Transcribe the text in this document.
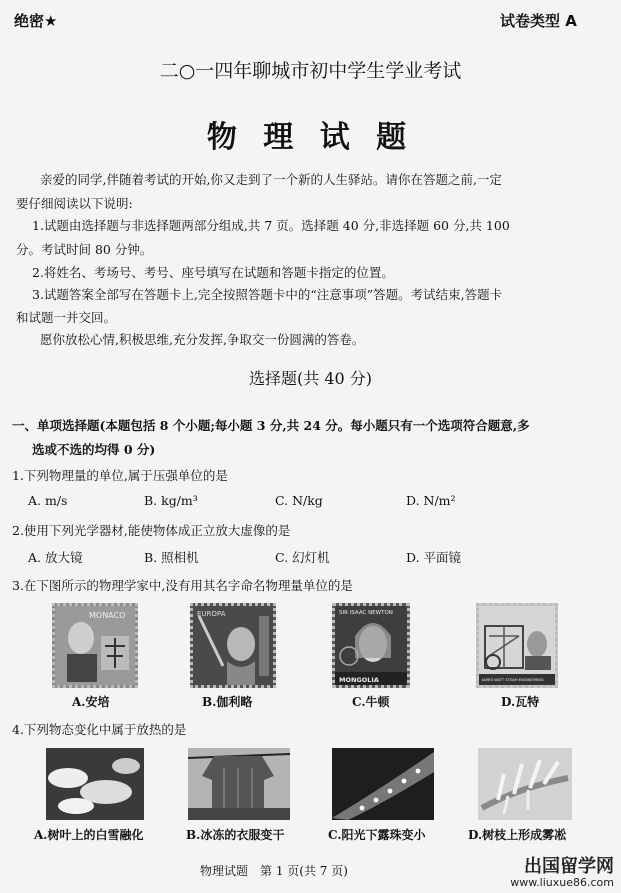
绝密★	试卷类型 A
二○一四年聊城市初中学生学业考试
物 理 试 题
亲爱的同学,伴随着考试的开始,你又走到了一个新的人生驿站。请你在答题之前,一定
要仔细阅读以下说明:
1.试题由选择题与非选择题两部分组成,共 7 页。选择题 40 分,非选择题 60 分,共 100
分。考试时间 80 分钟。
2.将姓名、考场号、考号、座号填写在试题和答题卡指定的位置。
3.试题答案全部写在答题卡上,完全按照答题卡中的“注意事项”答题。考试结束,答题卡
和试题一并交回。
愿你放松心情,积极思维,充分发挥,争取交一份圆满的答卷。
选择题(共 40 分)
一、单项选择题(本题包括 8 个小题;每小题 3 分,共 24 分。每小题只有一个选项符合题意,多
选或不选的均得 0 分)
1.下列物理量的单位,属于压强单位的是
A. m/s	B. kg/m³	C. N/kg	D. N/m²
2.使用下列光学器材,能使物体成正立放大虚像的是
A. 放大镜	B. 照相机	C. 幻灯机	D. 平面镜
3.在下图所示的物理学家中,没有用其名字命名物理量单位的是
MONACO	EUROPA	SIR ISAAC NEWTON
MONGOLIA	JAMES WATT STEAM ENGINEERING
A.安培	B.伽利略	C.牛顿	D.瓦特
4.下列物态变化中属于放热的是
A.树叶上的白雪融化	B.冰冻的衣服变干	C.阳光下露珠变小	D.树枝上形成雾凇
物理试题　第 1 页(共 7 页)	出国留学网
www.liuxue86.com
